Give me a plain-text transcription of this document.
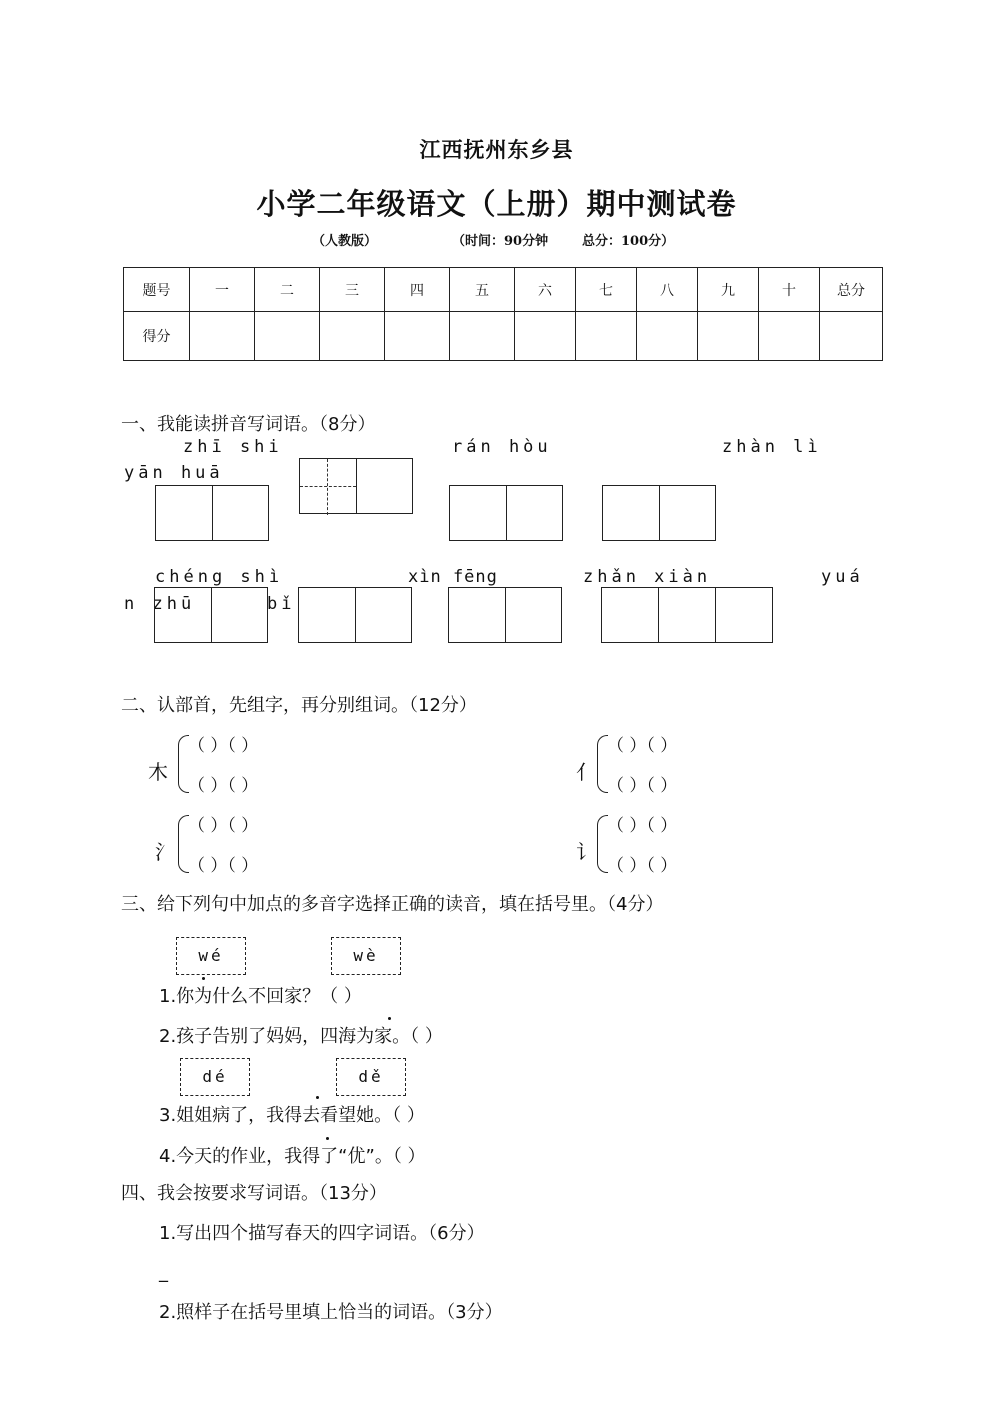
江西抚州东乡县
小学二年级语文（上册）期中测试卷
（人教版）	（时间：90分钟	总分：100分）
题号	一	二	三	四	五	六	七	八	九	十	总分
得分											
一、我能读拼音写词语。（8分）
zhī shi	rán hòu	zhàn lì
yān huā
chéng shì	xìn fēng	zhǎn xiàn	yuá
n zhū	bǐ
二、认部首，先组字，再分别组词。（12分）
木
（ ）（ ）
（ ）（ ）
亻
（ ）（ ）
（ ）（ ）
氵
（ ）（ ）
（ ）（ ）
讠
（ ）（ ）
（ ）（ ）
三、给下列句中加点的多音字选择正确的读音，填在括号里。（4分）
wé	wè
1.你为什么不回家？（ ）
2.孩子告别了妈妈，四海为家。（ ）
dé	dě
3.姐姐病了，我得去看望她。（ ）
4.今天的作业，我得了“优”。（ ）
四、我会按要求写词语。（13分）
1.写出四个描写春天的四字词语。（6分）
_
2.照样子在括号里填上恰当的词语。（3分）
